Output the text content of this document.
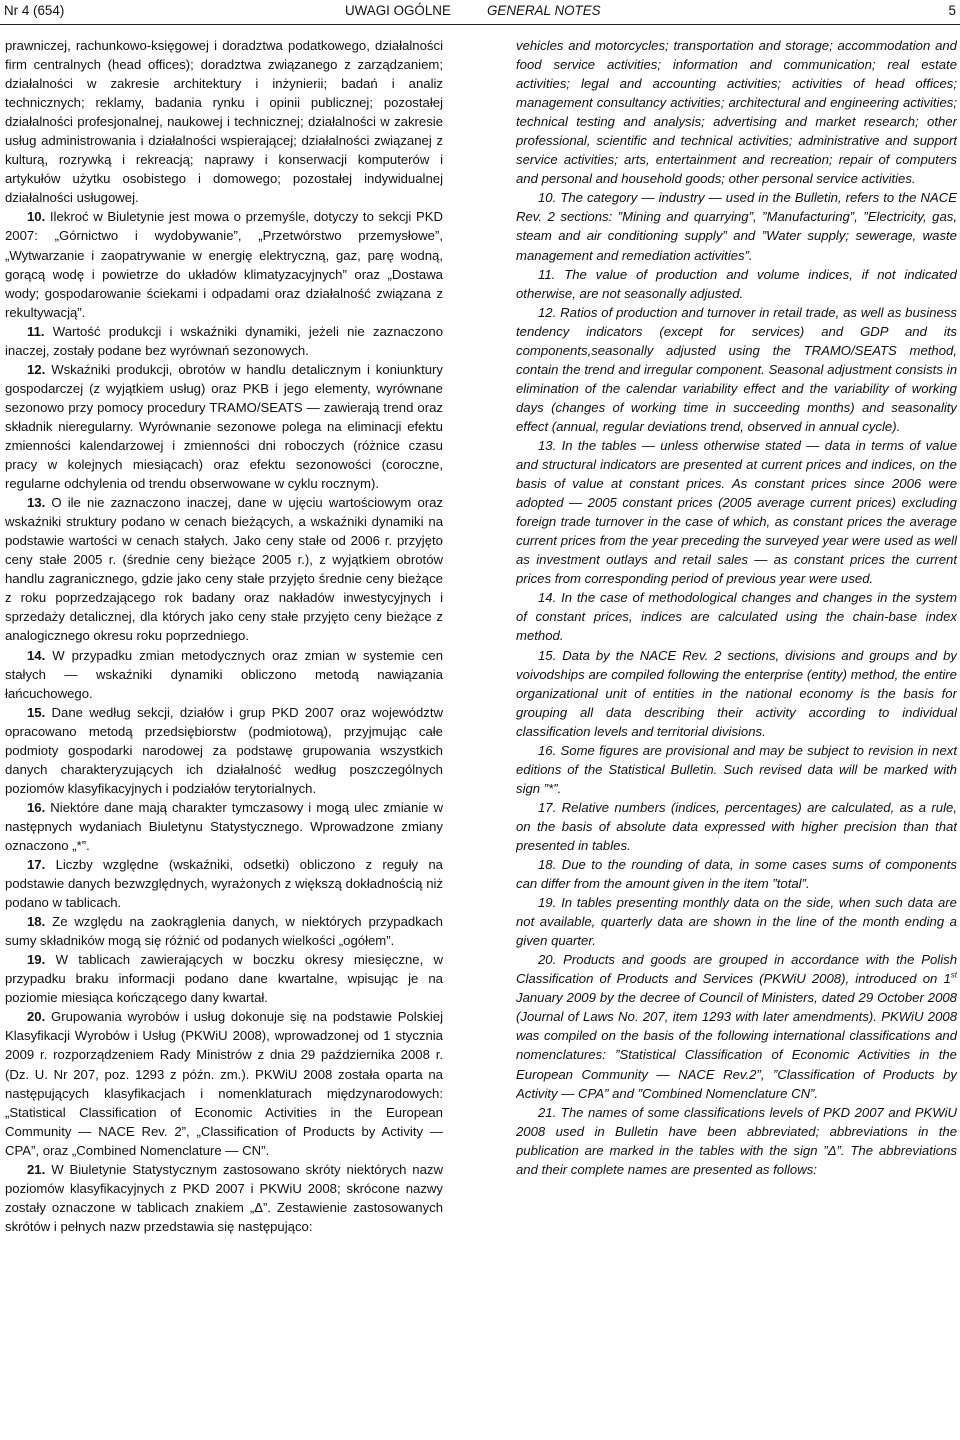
Nr 4 (654)	UWAGI OGÓLNE	GENERAL NOTES	5

prawniczej, rachunkowo-księgowej i doradztwa podatkowego, działalności firm centralnych (head offices); doradztwa związanego z zarządzaniem; działalności w zakresie architektury i inżynierii; badań i analiz technicznych; reklamy, badania rynku i opinii publicznej; pozostałej działalności profesjonalnej, naukowej i technicznej; działalności w zakresie usług administrowania i działalności wspierającej; działalności związanej z kulturą, rozrywką i rekreacją; naprawy i konserwacji komputerów i artykułów użytku osobistego i domowego; pozostałej indywidualnej działalności usługowej.

10. Ilekroć w Biuletynie jest mowa o przemyśle, dotyczy to sekcji PKD 2007: „Górnictwo i wydobywanie”, „Przetwórstwo przemysłowe”, „Wytwarzanie i zaopatrywanie w energię elektryczną, gaz, parę wodną, gorącą wodę i powietrze do układów klimatyzacyjnych” oraz „Dostawa wody; gospodarowanie ściekami i odpadami oraz działalność związana z rekultywacją”.

11. Wartość produkcji i wskaźniki dynamiki, jeżeli nie zaznaczono inaczej, zostały podane bez wyrównań sezonowych.

12. Wskaźniki produkcji, obrotów w handlu detalicznym i koniunktury gospodarczej (z wyjątkiem usług) oraz PKB i jego elementy, wyrównane sezonowo przy pomocy procedury TRAMO/SEATS — zawierają trend oraz składnik nieregularny. Wyrównanie sezonowe polega na eliminacji efektu zmienności kalendarzowej i zmienności dni roboczych (różnice czasu pracy w kolejnych miesiącach) oraz efektu sezonowości (coroczne, regularne odchylenia od trendu obserwowane w cyklu rocznym).

13. O ile nie zaznaczono inaczej, dane w ujęciu wartościowym oraz wskaźniki struktury podano w cenach bieżących, a wskaźniki dynamiki na podstawie wartości w cenach stałych. Jako ceny stałe od 2006 r. przyjęto ceny stałe 2005 r. (średnie ceny bieżące 2005 r.), z wyjątkiem obrotów handlu zagranicznego, gdzie jako ceny stałe przyjęto średnie ceny bieżące z roku poprzedzającego rok badany oraz nakładów inwestycyjnych i sprzedaży detalicznej, dla których jako ceny stałe przyjęto ceny bieżące z analogicznego okresu roku poprzedniego.

14. W przypadku zmian metodycznych oraz zmian w systemie cen stałych — wskaźniki dynamiki obliczono metodą nawiązania łańcuchowego.

15. Dane według sekcji, działów i grup PKD 2007 oraz województw opracowano metodą przedsiębiorstw (podmiotową), przyjmując całe podmioty gospodarki narodowej za podstawę grupowania wszystkich danych charakteryzujących ich działalność według poszczególnych poziomów klasyfikacyjnych i podziałów terytorialnych.

16. Niektóre dane mają charakter tymczasowy i mogą ulec zmianie w następnych wydaniach Biuletynu Statystycznego. Wprowadzone zmiany oznaczono „*”.

17. Liczby względne (wskaźniki, odsetki) obliczono z reguły na podstawie danych bezwzględnych, wyrażonych z większą dokładnością niż podano w tablicach.

18. Ze względu na zaokrąglenia danych, w niektórych przypadkach sumy składników mogą się różnić od podanych wielkości „ogółem”.

19. W tablicach zawierających w boczku okresy miesięczne, w przypadku braku informacji podano dane kwartalne, wpisując je na poziomie miesiąca kończącego dany kwartał.

20. Grupowania wyrobów i usług dokonuje się na podstawie Polskiej Klasyfikacji Wyrobów i Usług (PKWiU 2008), wprowadzonej od 1 stycznia 2009 r. rozporządzeniem Rady Ministrów z dnia 29 października 2008 r. (Dz. U. Nr 207, poz. 1293 z późn. zm.). PKWiU 2008 została oparta na następujących klasyfikacjach i nomenklaturach międzynarodowych: „Statistical Classification of Economic Activities in the European Community — NACE Rev. 2”, „Classification of Products by Activity — CPA”, oraz „Combined Nomenclature — CN”.

21. W Biuletynie Statystycznym zastosowano skróty niektórych nazw poziomów klasyfikacyjnych z PKD 2007 i PKWiU 2008; skrócone nazwy zostały oznaczone w tablicach znakiem „Δ”. Zestawienie zastosowanych skrótów i pełnych nazw przedstawia się następująco:

vehicles and motorcycles; transportation and storage; accommodation and food service activities; information and communication; real estate activities; legal and accounting activities; activities of head offices; management consultancy activities; architectural and engineering activities; technical testing and analysis; advertising and market research; other professional, scientific and technical activities; administrative and support service activities; arts, entertainment and recreation; repair of computers and personal and household goods; other personal service activities.

10. The category — industry — used in the Bulletin, refers to the NACE Rev. 2 sections: ”Mining and quarrying”, ”Manufacturing”, ”Electricity, gas, steam and air conditioning supply” and ”Water supply; sewerage, waste management and remediation activities”.

11. The value of production and volume indices, if not indicated otherwise, are not seasonally adjusted.

12. Ratios of production and turnover in retail trade, as well as business tendency indicators (except for services) and GDP and its components,seasonally adjusted using the TRAMO/SEATS method, contain the trend and irregular component. Seasonal adjustment consists in elimination of the calendar variability effect and the variability of working days (changes of working time in succeeding months) and seasonality effect (annual, regular deviations trend, observed in annual cycle).

13. In the tables — unless otherwise stated — data in terms of value and structural indicators are presented at current prices and indices, on the basis of value at constant prices. As constant prices since 2006 were adopted — 2005 constant prices (2005 average current prices) excluding foreign trade turnover in the case of which, as constant prices the average current prices from the year preceding the surveyed year were used as well as investment outlays and retail sales — as constant prices the current prices from corresponding period of previous year were used.

14. In the case of methodological changes and changes in the system of constant prices, indices are calculated using the chain-base index method.

15. Data by the NACE Rev. 2 sections, divisions and groups and by voivodships are compiled following the enterprise (entity) method, the entire organizational unit of entities in the national economy is the basis for grouping all data describing their activity according to individual classification levels and territorial divisions.

16. Some figures are provisional and may be subject to revision in next editions of the Statistical Bulletin. Such revised data will be marked with sign ”*”.

17. Relative numbers (indices, percentages) are calculated, as a rule, on the basis of absolute data expressed with higher precision than that presented in tables.

18. Due to the rounding of data, in some cases sums of components can differ from the amount given in the item ”total”.

19. In tables presenting monthly data on the side, when such data are not available, quarterly data are shown in the line of the month ending a given quarter.

20. Products and goods are grouped in accordance with the Polish Classification of Products and Services (PKWiU 2008), introduced on 1st January 2009 by the decree of Council of Ministers, dated 29 October 2008 (Journal of Laws No. 207, item 1293 with later amendments). PKWiU 2008 was compiled on the basis of the following international classifications and nomenclatures: ”Statistical Classification of Economic Activities in the European Community — NACE Rev.2”, ”Classification of Products by Activity — CPA” and ”Combined Nomenclature CN”.

21. The names of some classifications levels of PKD 2007 and PKWiU 2008 used in Bulletin have been abbreviated; abbreviations in the publication are marked in the tables with the sign ”Δ”. The abbreviations and their complete names are presented as follows:
